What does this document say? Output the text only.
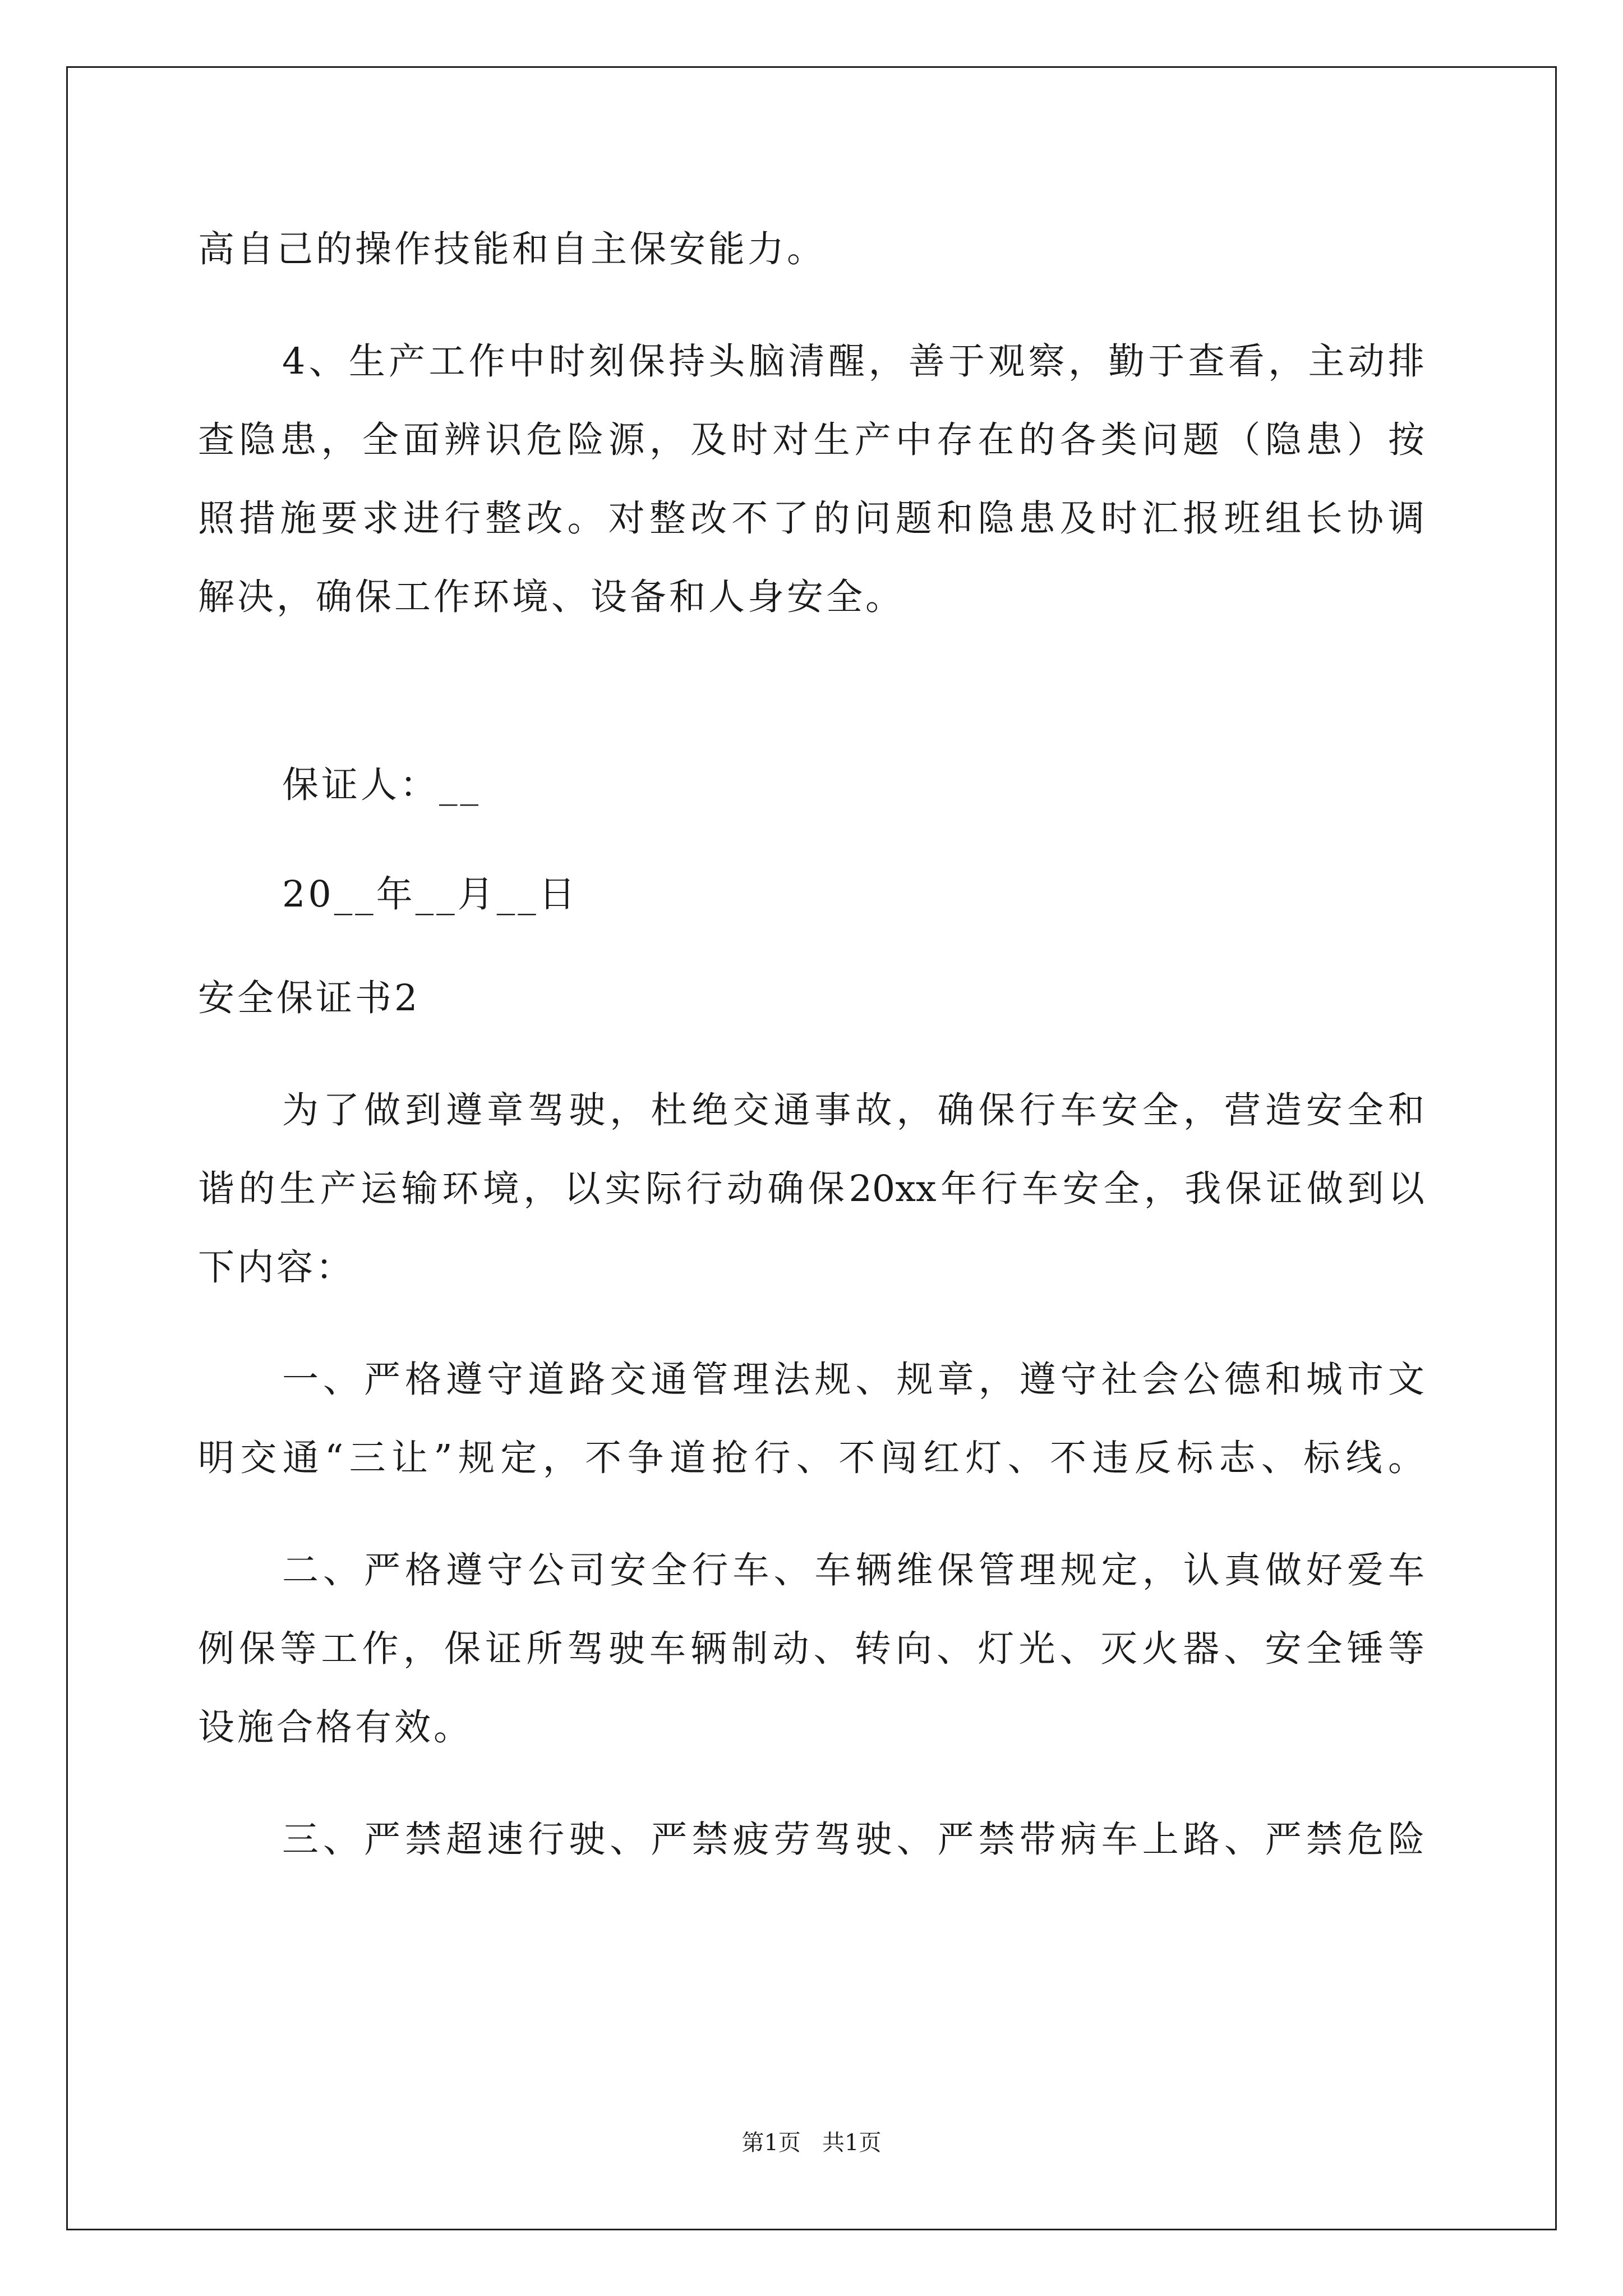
高自己的操作技能和自主保安能力。
4、生产工作中时刻保持头脑清醒，善于观察，勤于查看，主动排
查隐患，全面辨识危险源，及时对生产中存在的各类问题（隐患）按
照措施要求进行整改。对整改不了的问题和隐患及时汇报班组长协调
解决，确保工作环境、设备和人身安全。
保证人：__
20__年__月__日
安全保证书2
为了做到遵章驾驶，杜绝交通事故，确保行车安全，营造安全和
谐的生产运输环境，以实际行动确保20xx年行车安全，我保证做到以
下内容：
一、严格遵守道路交通管理法规、规章，遵守社会公德和城市文
明交通“三让”规定，不争道抢行、不闯红灯、不违反标志、标线。
二、严格遵守公司安全行车、车辆维保管理规定，认真做好爱车
例保等工作，保证所驾驶车辆制动、转向、灯光、灭火器、安全锤等
设施合格有效。
三、严禁超速行驶、严禁疲劳驾驶、严禁带病车上路、严禁危险
第1页   共1页
